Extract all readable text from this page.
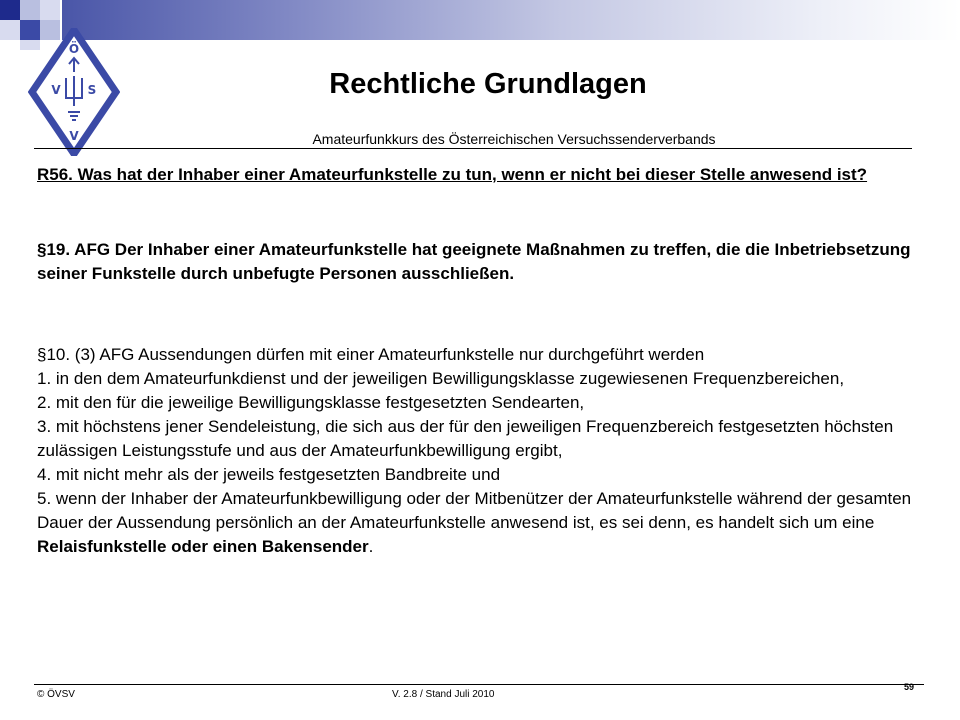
Ö
V S
V
Rechtliche Grundlagen
Amateurfunkkurs des Österreichischen Versuchssenderverbands
R56. Was hat der Inhaber einer Amateurfunkstelle zu tun, wenn er nicht bei dieser Stelle anwesend ist?
§19. AFG Der Inhaber einer Amateurfunkstelle hat geeignete Maßnahmen zu treffen, die die Inbetriebsetzung seiner Funkstelle durch unbefugte Personen ausschließen.

§10. (3) AFG Aussendungen dürfen mit einer Amateurfunkstelle nur durchgeführt werden

1. in den dem Amateurfunkdienst und der jeweiligen Bewilligungsklasse zugewiesenen Frequenzbereichen,

2. mit den für die jeweilige Bewilligungsklasse festgesetzten Sendearten,

3. mit höchstens jener Sendeleistung, die sich aus der für den jeweiligen Frequenzbereich festgesetzten höchsten zulässigen Leistungsstufe und aus der Amateurfunkbewilligung ergibt,

4. mit nicht mehr als der jeweils festgesetzten Bandbreite und

5. wenn der Inhaber der Amateurfunkbewilligung oder der Mitbenützer der Amateurfunkstelle während der gesamten Dauer der Aussendung persönlich an der Amateurfunkstelle anwesend ist, es sei denn, es handelt sich um eine Relaisfunkstelle oder einen Bakensender.

© ÖVSV	V. 2.8 / Stand Juli 2010
59
